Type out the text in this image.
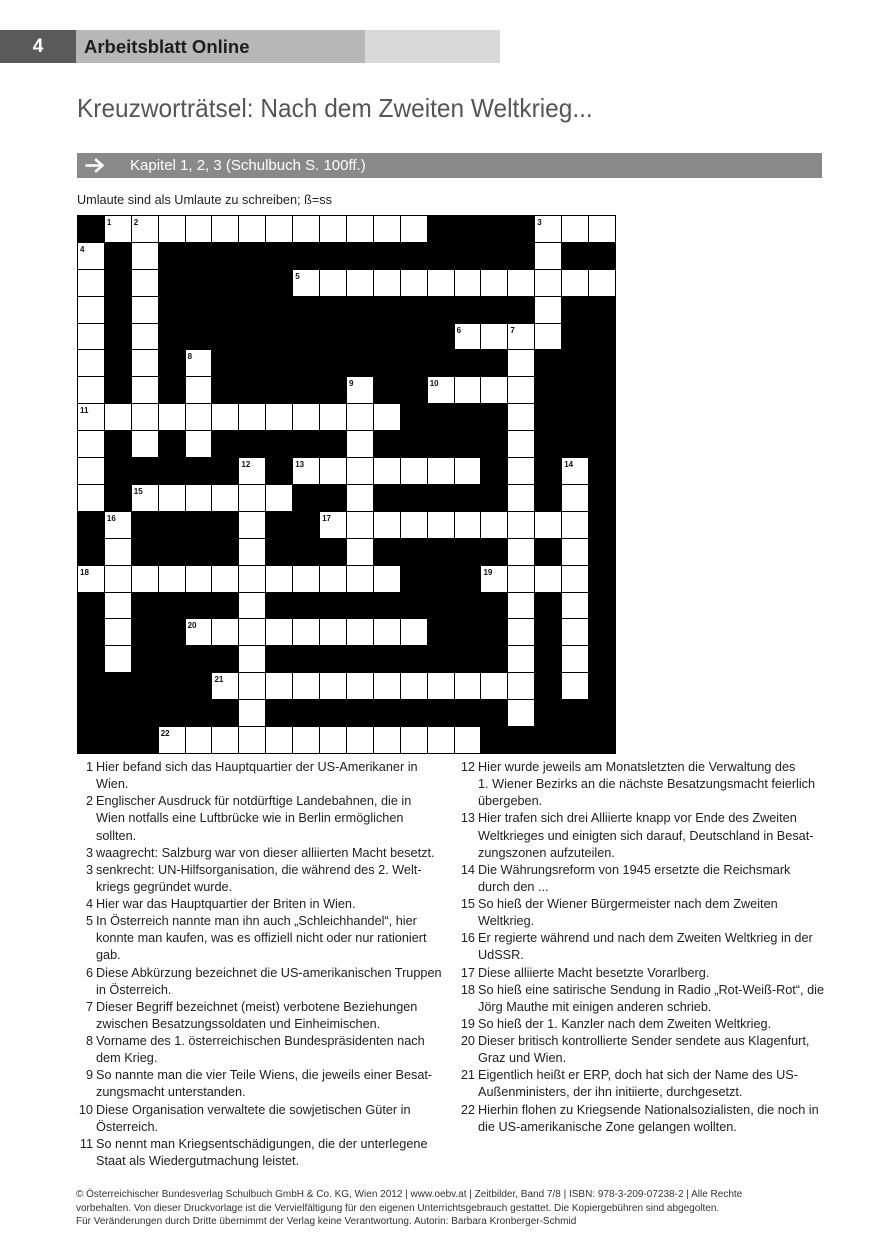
4	Arbeitsblatt Online
Kreuzworträtsel: Nach dem Zweiten Weltkrieg...
Kapitel 1, 2, 3 (Schulbuch S. 100ff.)
Umlaute sind als Umlaute zu schreiben; ß=ss
1	2	3
4
5
6	7
8
9	10
11
12	13	14
15
16	17
18	19
20
21
22
1 Hier befand sich das Hauptquartier der US-Amerikaner in
Wien.
2 Englischer Ausdruck für notdürftige Landebahnen, die in
Wien notfalls eine Luftbrücke wie in Berlin ermöglichen
sollten.
3 waagrecht: Salzburg war von dieser alliierten Macht besetzt.
3 senkrecht: UN-Hilfsorganisation, die während des 2. Welt-
kriegs gegründet wurde.
4 Hier war das Hauptquartier der Briten in Wien.
5 In Österreich nannte man ihn auch „Schleichhandel“, hier
konnte man kaufen, was es offiziell nicht oder nur rationiert
gab.
6 Diese Abkürzung bezeichnet die US-amerikanischen Truppen
in Österreich.
7 Dieser Begriff bezeichnet (meist) verbotene Beziehungen
zwischen Besatzungssoldaten und Einheimischen.
8 Vorname des 1. österreichischen Bundespräsidenten nach
dem Krieg.
9 So nannte man die vier Teile Wiens, die jeweils einer Besat-
zungsmacht unterstanden.
10 Diese Organisation verwaltete die sowjetischen Güter in
Österreich.
11 So nennt man Kriegsentschädigungen, die der unterlegene
Staat als Wiedergutmachung leistet.
12 Hier wurde jeweils am Monatsletzten die Verwaltung des
1. Wiener Bezirks an die nächste Besatzungsmacht feierlich
übergeben.
13 Hier trafen sich drei Alliierte knapp vor Ende des Zweiten
Weltkrieges und einigten sich darauf, Deutschland in Besat-
zungszonen aufzuteilen.
14 Die Währungsreform von 1945 ersetzte die Reichsmark
durch den ...
15 So hieß der Wiener Bürgermeister nach dem Zweiten
Weltkrieg.
16 Er regierte während und nach dem Zweiten Weltkrieg in der
UdSSR.
17 Diese alliierte Macht besetzte Vorarlberg.
18 So hieß eine satirische Sendung in Radio „Rot-Weiß-Rot“, die
Jörg Mauthe mit einigen anderen schrieb.
19 So hieß der 1. Kanzler nach dem Zweiten Weltkrieg.
20 Dieser britisch kontrollierte Sender sendete aus Klagenfurt,
Graz und Wien.
21 Eigentlich heißt er ERP, doch hat sich der Name des US-
Außenministers, der ihn initiierte, durchgesetzt.
22 Hierhin flohen zu Kriegsende Nationalsozialisten, die noch in
die US-amerikanische Zone gelangen wollten.
© Österreichischer Bundesverlag Schulbuch GmbH & Co. KG, Wien 2012 | www.oebv.at | Zeitbilder, Band 7/8 | ISBN: 978-3-209-07238-2 | Alle Rechte
vorbehalten. Von dieser Druckvorlage ist die Vervielfältigung für den eigenen Unterrichtsgebrauch gestattet. Die Kopiergebühren sind abgegolten.
Für Veränderungen durch Dritte übernimmt der Verlag keine Verantwortung. Autorin: Barbara Kronberger-Schmid
